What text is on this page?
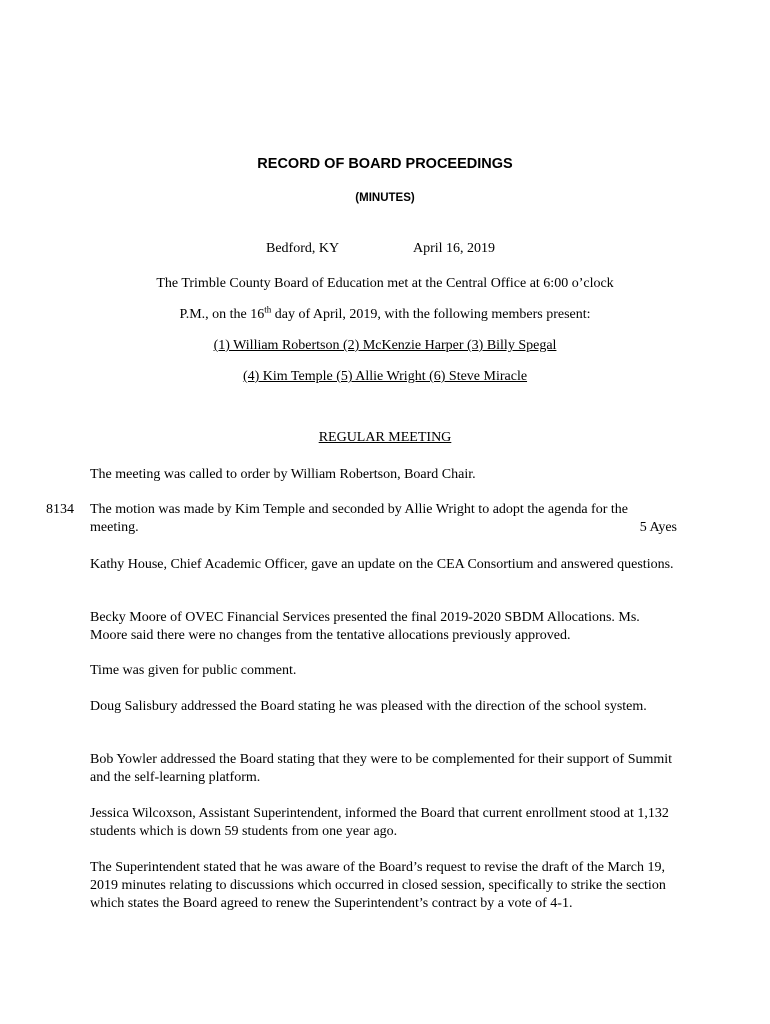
RECORD OF BOARD PROCEEDINGS
(MINUTES)
Bedford, KY	April 16, 2019
The Trimble County Board of Education met at the Central Office at 6:00 o’clock
P.M., on the 16th day of April, 2019, with the following members present:
(1) William Robertson (2) McKenzie Harper (3) Billy Spegal
(4) Kim Temple (5) Allie Wright (6) Steve Miracle
REGULAR MEETING
The meeting was called to order by William Robertson, Board Chair.
8134 The motion was made by Kim Temple and seconded by Allie Wright to adopt the agenda for the
meeting.	5 Ayes

Kathy House, Chief Academic Officer, gave an update on the CEA Consortium and answered questions.

Becky Moore of OVEC Financial Services presented the final 2019-2020 SBDM Allocations. Ms. Moore said there were no changes from the tentative allocations previously approved.

Time was given for public comment.

Doug Salisbury addressed the Board stating he was pleased with the direction of the school system.

Bob Yowler addressed the Board stating that they were to be complemented for their support of Summit and the self-learning platform.

Jessica Wilcoxson, Assistant Superintendent, informed the Board that current enrollment stood at 1,132 students which is down 59 students from one year ago.

The Superintendent stated that he was aware of the Board’s request to revise the draft of the March 19, 2019 minutes relating to discussions which occurred in closed session, specifically to strike the section which states the Board agreed to renew the Superintendent’s contract by a vote of 4-1.
